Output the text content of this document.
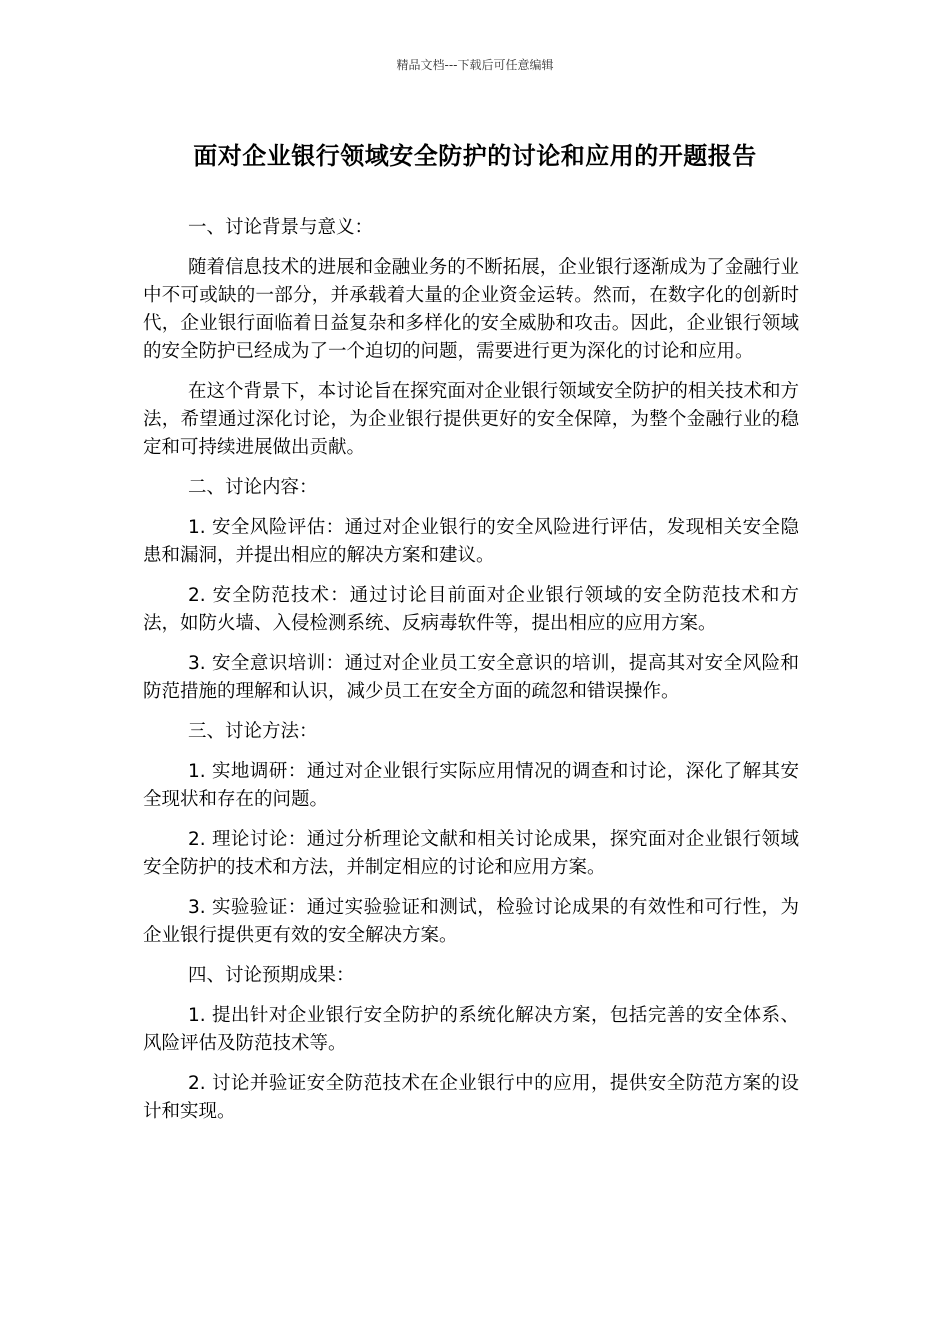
精品文档---下载后可任意编辑
面对企业银行领域安全防护的讨论和应用的开题报告

一、讨论背景与意义：

随着信息技术的进展和金融业务的不断拓展，企业银行逐渐成为了金融行业中不可或缺的一部分，并承载着大量的企业资金运转。然而，在数字化的创新时代，企业银行面临着日益复杂和多样化的安全威胁和攻击。因此，企业银行领域的安全防护已经成为了一个迫切的问题，需要进行更为深化的讨论和应用。

在这个背景下，本讨论旨在探究面对企业银行领域安全防护的相关技术和方法，希望通过深化讨论，为企业银行提供更好的安全保障，为整个金融行业的稳定和可持续进展做出贡献。

二、讨论内容：

1. 安全风险评估：通过对企业银行的安全风险进行评估，发现相关安全隐患和漏洞，并提出相应的解决方案和建议。

2. 安全防范技术：通过讨论目前面对企业银行领域的安全防范技术和方法，如防火墙、入侵检测系统、反病毒软件等，提出相应的应用方案。

3. 安全意识培训：通过对企业员工安全意识的培训，提高其对安全风险和防范措施的理解和认识，减少员工在安全方面的疏忽和错误操作。

三、讨论方法：

1. 实地调研：通过对企业银行实际应用情况的调查和讨论，深化了解其安全现状和存在的问题。

2. 理论讨论：通过分析理论文献和相关讨论成果，探究面对企业银行领域安全防护的技术和方法，并制定相应的讨论和应用方案。

3. 实验验证：通过实验验证和测试，检验讨论成果的有效性和可行性，为企业银行提供更有效的安全解决方案。

四、讨论预期成果：

1. 提出针对企业银行安全防护的系统化解决方案，包括完善的安全体系、风险评估及防范技术等。

2. 讨论并验证安全防范技术在企业银行中的应用，提供安全防范方案的设计和实现。
